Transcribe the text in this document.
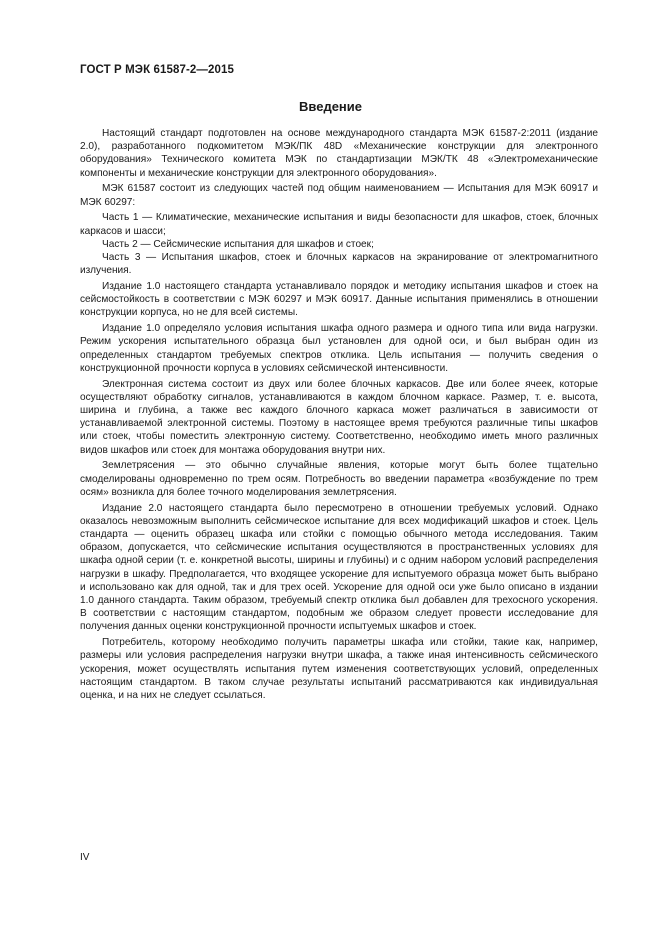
ГОСТ Р МЭК 61587-2—2015
Введение

Настоящий стандарт подготовлен на основе международного стандарта МЭК 61587-2:2011 (издание 2.0), разработанного подкомитетом МЭК/ПК 48D «Механические конструкции для электронного оборудования» Технического комитета МЭК по стандартизации МЭК/ТК 48 «Электромеханические компоненты и механические конструкции для электронного оборудования».

МЭК 61587 состоит из следующих частей под общим наименованием — Испытания для МЭК 60917 и МЭК 60297:

Часть 1 — Климатические, механические испытания и виды безопасности для шкафов, стоек, блочных каркасов и шасси;

Часть 2 — Сейсмические испытания для шкафов и стоек;

Часть 3 — Испытания шкафов, стоек и блочных каркасов на экранирование от электромагнитного излучения.

Издание 1.0 настоящего стандарта устанавливало порядок и методику испытания шкафов и стоек на сейсмостойкость в соответствии с МЭК 60297 и МЭК 60917. Данные испытания применялись в отношении конструкции корпуса, но не для всей системы.

Издание 1.0 определяло условия испытания шкафа одного размера и одного типа или вида нагрузки. Режим ускорения испытательного образца был установлен для одной оси, и был выбран один из определенных стандартом требуемых спектров отклика. Цель испытания — получить сведения о конструкционной прочности корпуса в условиях сейсмической интенсивности.

Электронная система состоит из двух или более блочных каркасов. Две или более ячеек, которые осуществляют обработку сигналов, устанавливаются в каждом блочном каркасе. Размер, т. е. высота, ширина и глубина, а также вес каждого блочного каркаса может различаться в зависимости от устанавливаемой электронной системы. Поэтому в настоящее время требуются различные типы шкафов или стоек, чтобы поместить электронную систему. Соответственно, необходимо иметь много различных видов шкафов или стоек для монтажа оборудования внутри них.

Землетрясения — это обычно случайные явления, которые могут быть более тщательно смоделированы одновременно по трем осям. Потребность во введении параметра «возбуждение по трем осям» возникла для более точного моделирования землетрясения.

Издание 2.0 настоящего стандарта было пересмотрено в отношении требуемых условий. Однако оказалось невозможным выполнить сейсмическое испытание для всех модификаций шкафов и стоек. Цель стандарта — оценить образец шкафа или стойки с помощью обычного метода исследования. Таким образом, допускается, что сейсмические испытания осуществляются в пространственных условиях для шкафа одной серии (т. е. конкретной высоты, ширины и глубины) и с одним набором условий распределения нагрузки в шкафу. Предполагается, что входящее ускорение для испытуемого образца может быть выбрано и использовано как для одной, так и для трех осей. Ускорение для одной оси уже было описано в издании 1.0 данного стандарта. Таким образом, требуемый спектр отклика был добавлен для трехосного ускорения. В соответствии с настоящим стандартом, подобным же образом следует провести исследование для получения данных оценки конструкционной прочности испытуемых шкафов и стоек.

Потребитель, которому необходимо получить параметры шкафа или стойки, такие как, например, размеры или условия распределения нагрузки внутри шкафа, а также иная интенсивность сейсмического ускорения, может осуществлять испытания путем изменения соответствующих условий, определенных настоящим стандартом. В таком случае результаты испытаний рассматриваются как индивидуальная оценка, и на них не следует ссылаться.

IV
